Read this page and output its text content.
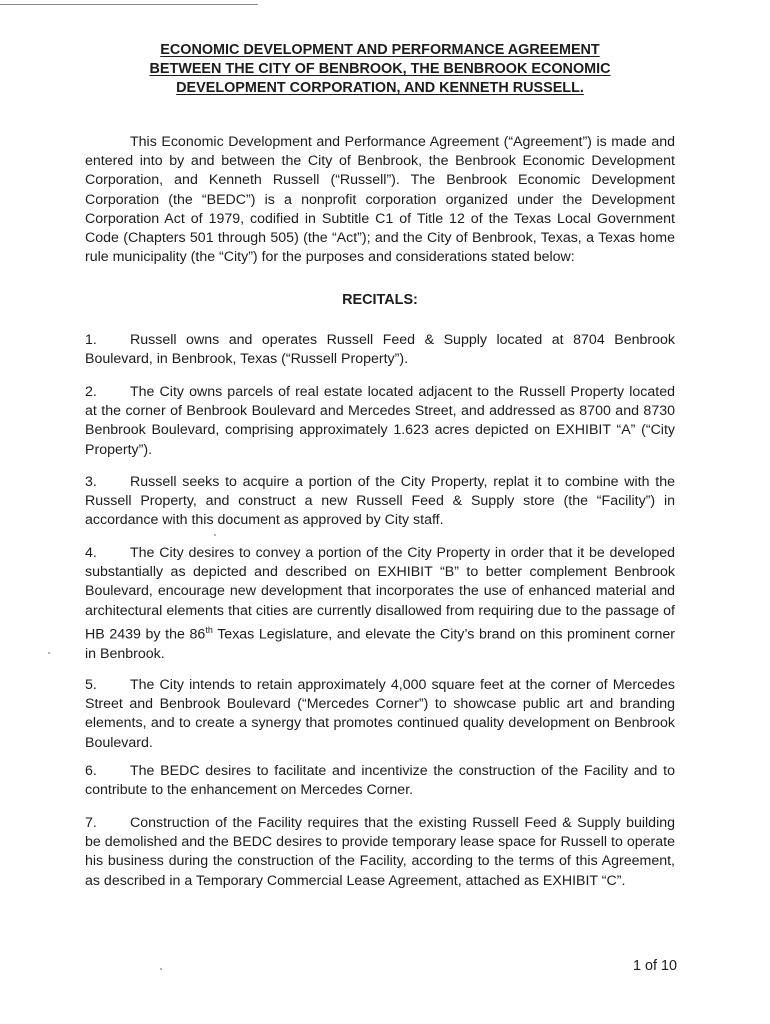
ECONOMIC DEVELOPMENT AND PERFORMANCE AGREEMENT
BETWEEN THE CITY OF BENBROOK, THE BENBROOK ECONOMIC
DEVELOPMENT CORPORATION, AND KENNETH RUSSELL.

This Economic Development and Performance Agreement (“Agreement”) is made and entered into by and between the City of Benbrook, the Benbrook Economic Development Corporation, and Kenneth Russell (“Russell”). The Benbrook Economic Development Corporation (the “BEDC”) is a nonprofit corporation organized under the Development Corporation Act of 1979, codified in Subtitle C1 of Title 12 of the Texas Local Government Code (Chapters 501 through 505) (the “Act”); and the City of Benbrook, Texas, a Texas home rule municipality (the “City”) for the purposes and considerations stated below:

RECITALS:

1. Russell owns and operates Russell Feed & Supply located at 8704 Benbrook Boulevard, in Benbrook, Texas (“Russell Property”).

2. The City owns parcels of real estate located adjacent to the Russell Property located at the corner of Benbrook Boulevard and Mercedes Street, and addressed as 8700 and 8730 Benbrook Boulevard, comprising approximately 1.623 acres depicted on EXHIBIT “A” (“City Property”).

3. Russell seeks to acquire a portion of the City Property, replat it to combine with the Russell Property, and construct a new Russell Feed & Supply store (the “Facility”) in accordance with this document as approved by City staff.

4. The City desires to convey a portion of the City Property in order that it be developed substantially as depicted and described on EXHIBIT “B” to better complement Benbrook Boulevard, encourage new development that incorporates the use of enhanced material and architectural elements that cities are currently disallowed from requiring due to the passage of HB 2439 by the 86th Texas Legislature, and elevate the City’s brand on this prominent corner in Benbrook.

5. The City intends to retain approximately 4,000 square feet at the corner of Mercedes Street and Benbrook Boulevard (“Mercedes Corner”) to showcase public art and branding elements, and to create a synergy that promotes continued quality development on Benbrook Boulevard.

6. The BEDC desires to facilitate and incentivize the construction of the Facility and to contribute to the enhancement on Mercedes Corner.

7. Construction of the Facility requires that the existing Russell Feed & Supply building be demolished and the BEDC desires to provide temporary lease space for Russell to operate his business during the construction of the Facility, according to the terms of this Agreement, as described in a Temporary Commercial Lease Agreement, attached as EXHIBIT “C”.

1 of 10
